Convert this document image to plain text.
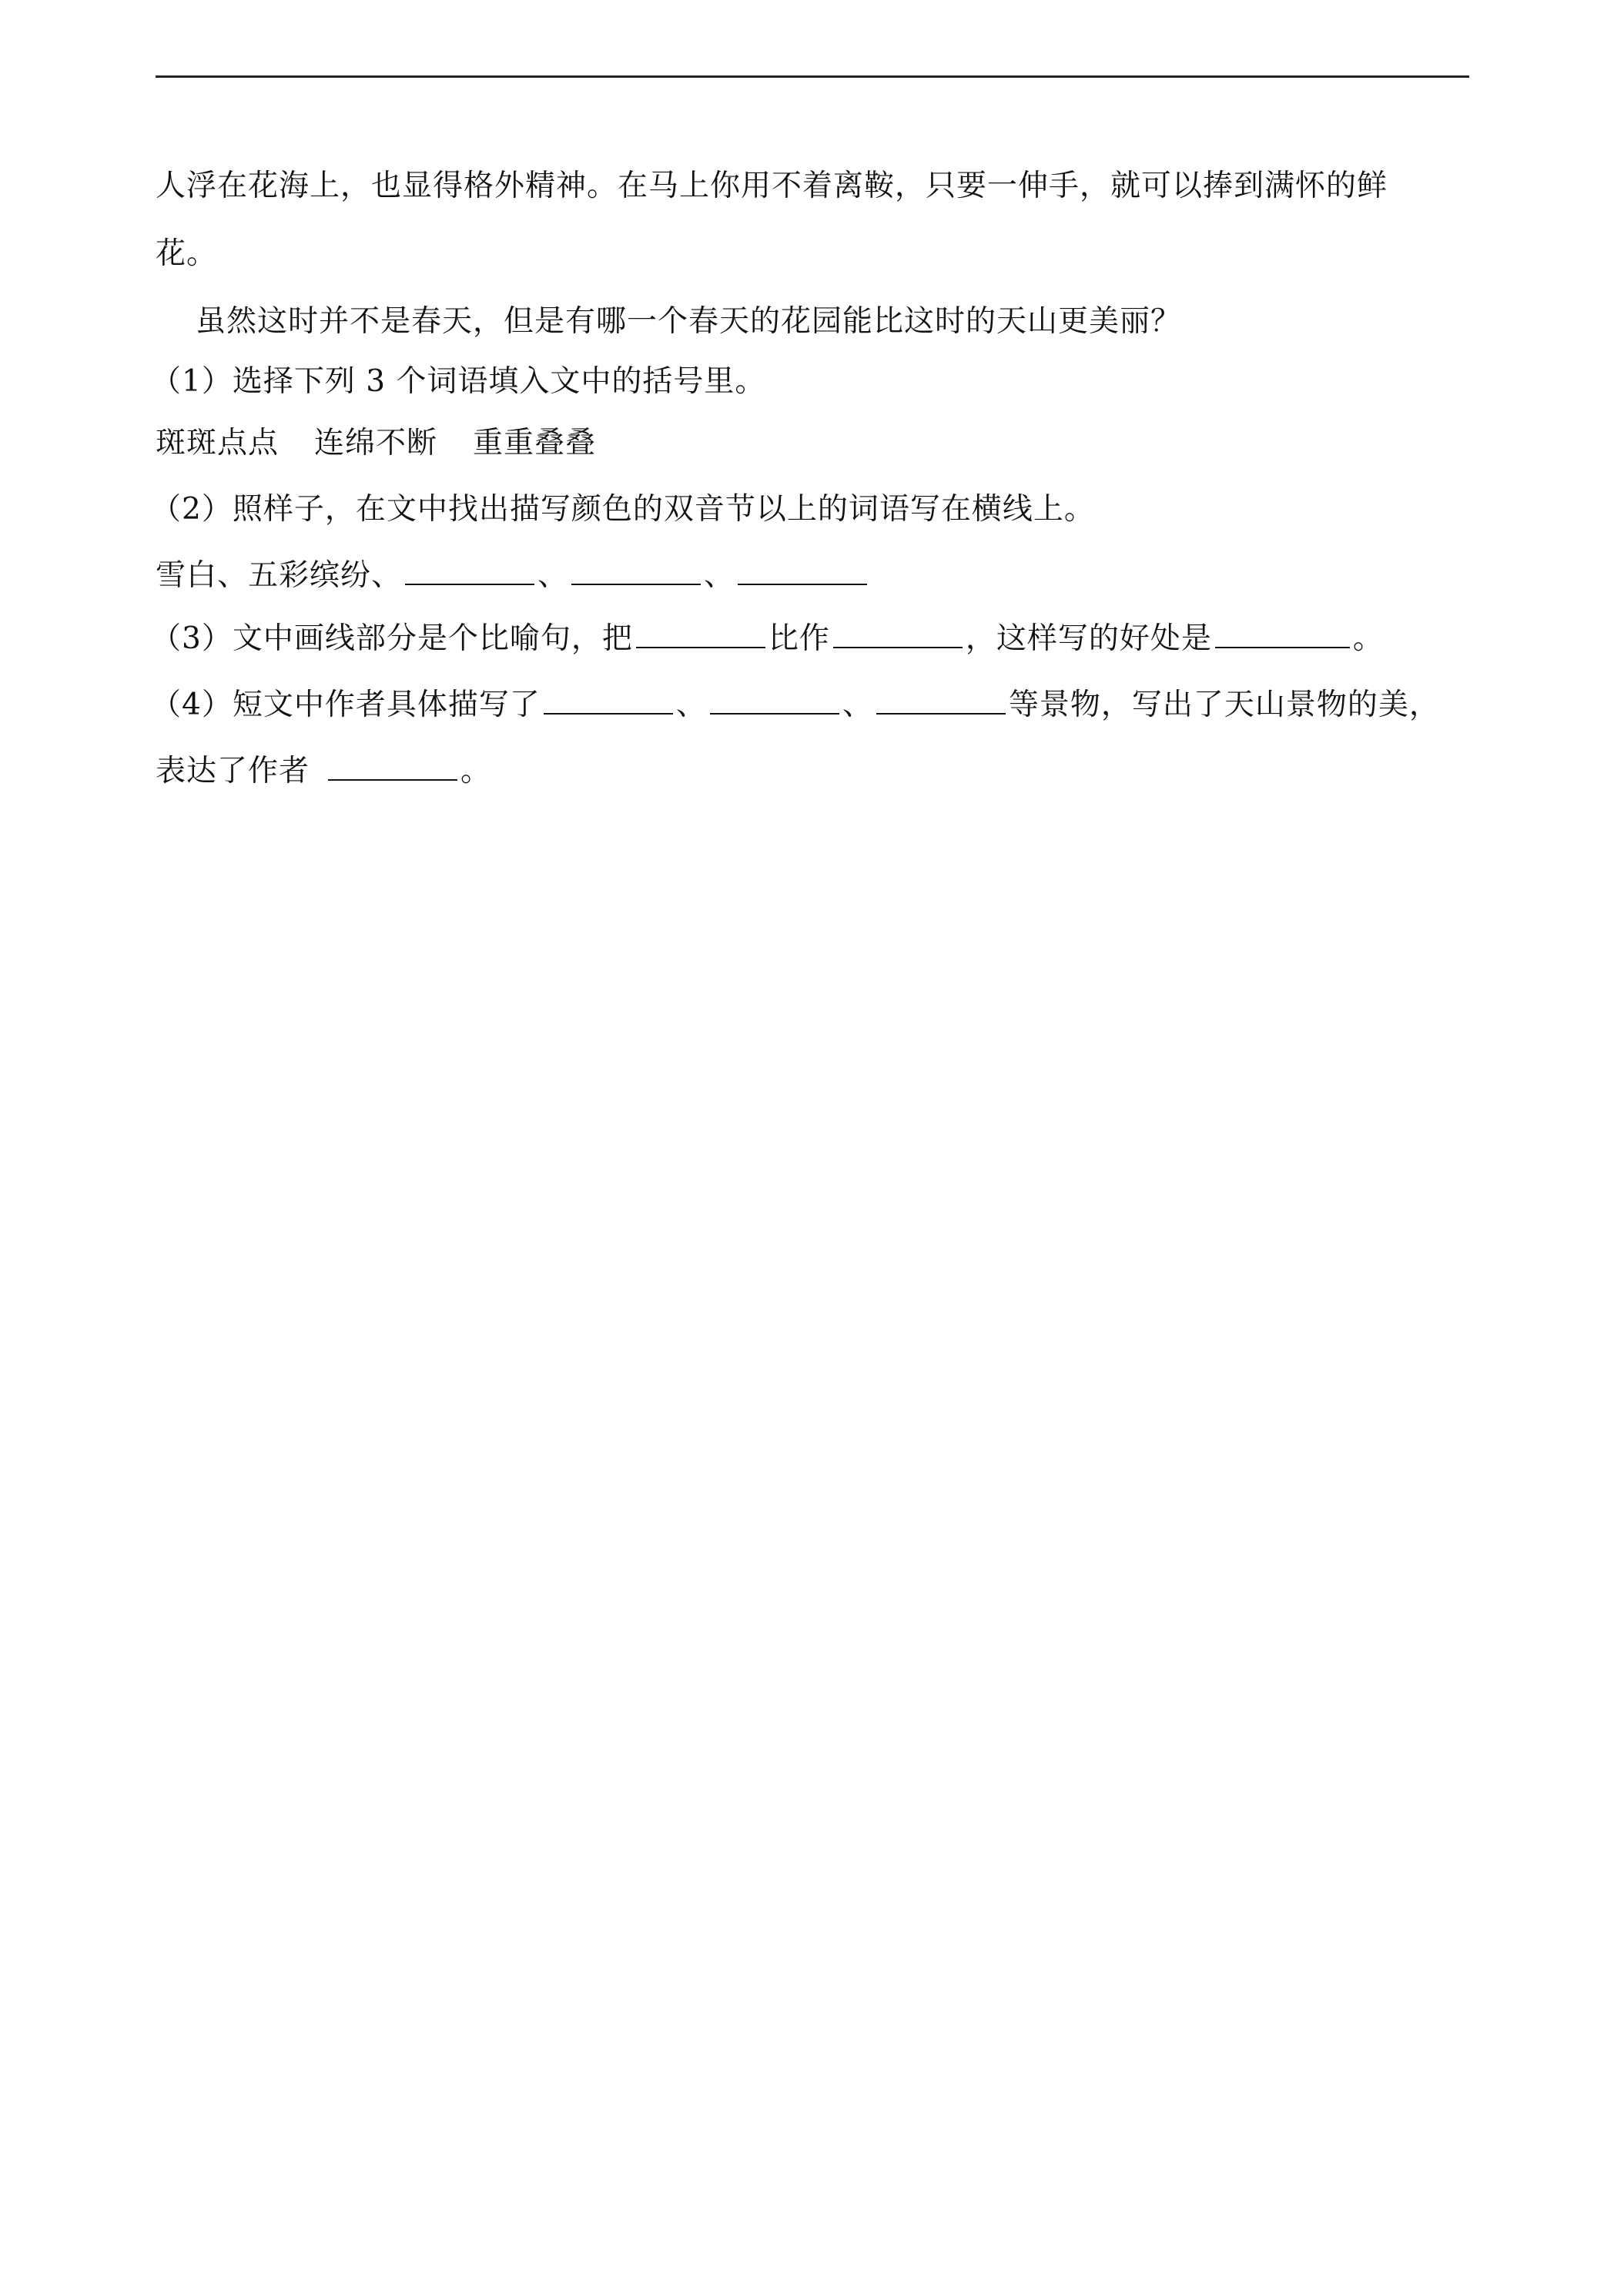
人浮在花海上，也显得格外精神。在马上你用不着离鞍，只要一伸手，就可以捧到满怀的鲜
花。
虽然这时并不是春天，但是有哪一个春天的花园能比这时的天山更美丽？
（1）选择下列 3 个词语填入文中的括号里。
斑斑点点 连绵不断 重重叠叠
（2）照样子，在文中找出描写颜色的双音节以上的词语写在横线上。
雪白、五彩缤纷、	、	、
（3）文中画线部分是个比喻句，把	比作	，这样写的好处是	。
（4）短文中作者具体描写了	、	、	等景物，写出了天山景物的美，
表达了作者	。
